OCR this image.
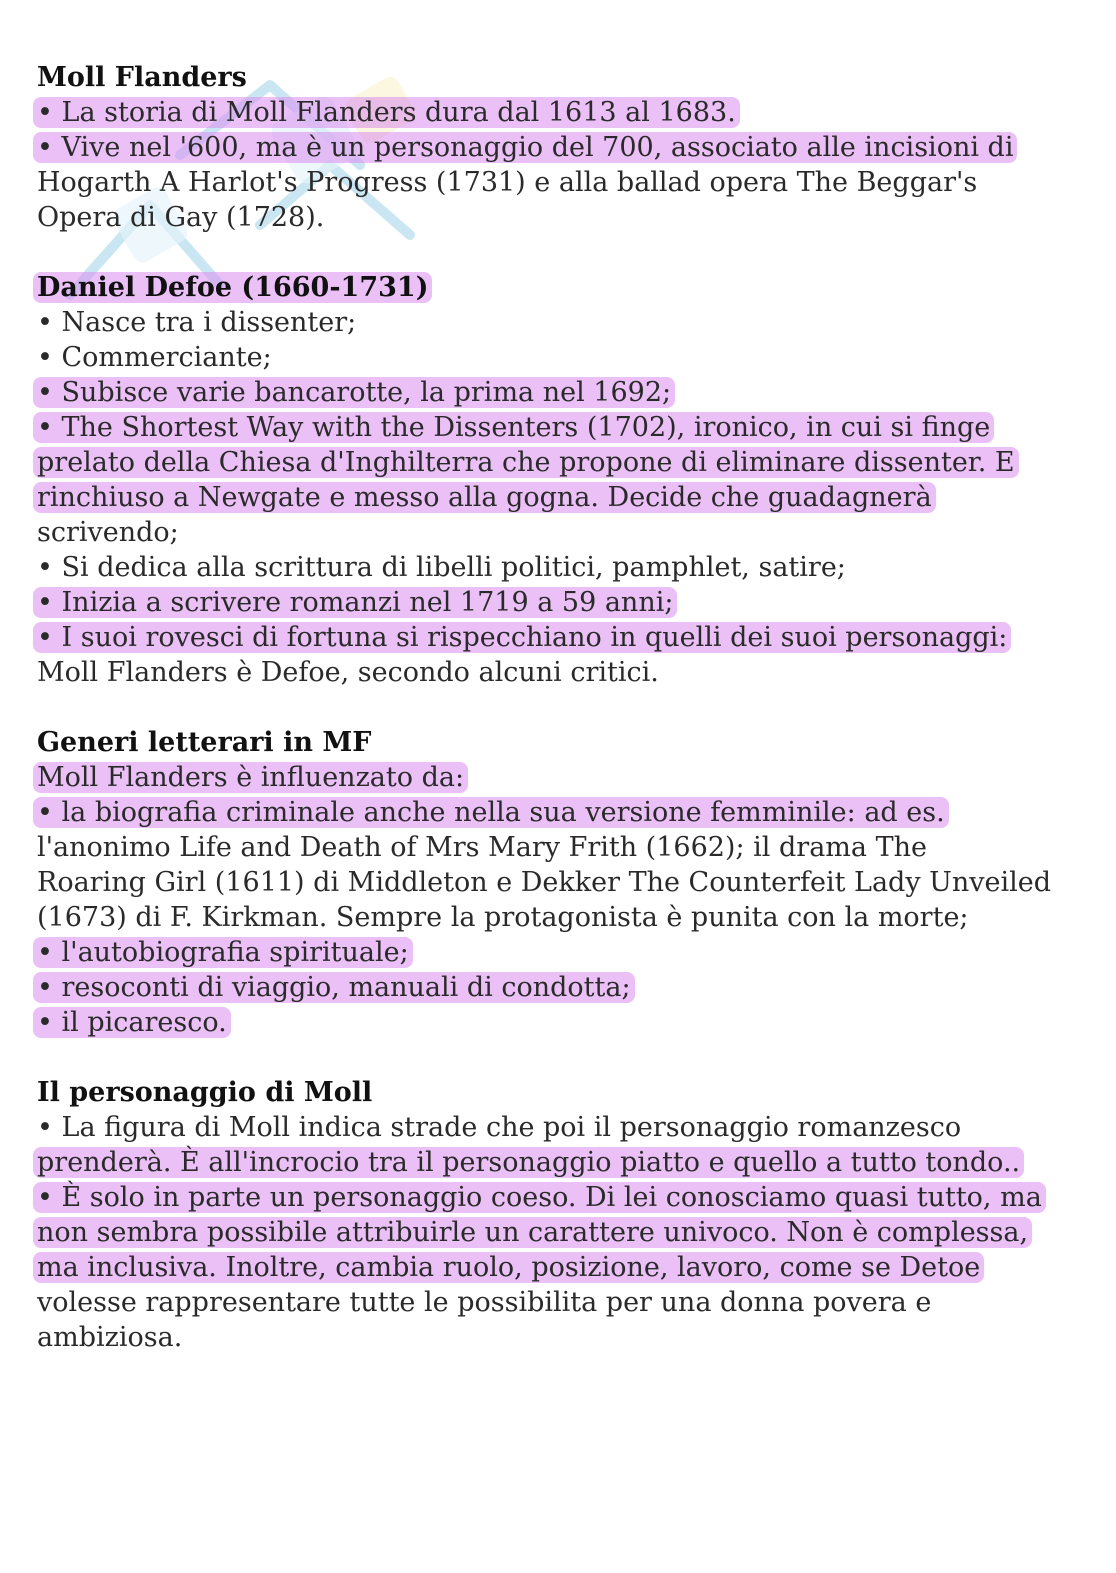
Moll Flanders
• La storia di Moll Flanders dura dal 1613 al 1683.
• Vive nel '600, ma è un personaggio del 700, associato alle incisioni di
Hogarth A Harlot's Progress (1731) e alla ballad opera The Beggar's
Opera di Gay (1728).
Daniel Defoe (1660-1731)
• Nasce tra i dissenter;
• Commerciante;
• Subisce varie bancarotte, la prima nel 1692;
• The Shortest Way with the Dissenters (1702), ironico, in cui si finge
prelato della Chiesa d'Inghilterra che propone di eliminare dissenter. E
rinchiuso a Newgate e messo alla gogna. Decide che guadagnerà
scrivendo;
• Si dedica alla scrittura di libelli politici, pamphlet, satire;
• Inizia a scrivere romanzi nel 1719 a 59 anni;
• I suoi rovesci di fortuna si rispecchiano in quelli dei suoi personaggi:
Moll Flanders è Defoe, secondo alcuni critici.
Generi letterari in MF
Moll Flanders è influenzato da:
• la biografia criminale anche nella sua versione femminile: ad es.
l'anonimo Life and Death of Mrs Mary Frith (1662); il drama The
Roaring Girl (1611) di Middleton e Dekker The Counterfeit Lady Unveiled
(1673) di F. Kirkman. Sempre la protagonista è punita con la morte;
• l'autobiografia spirituale;
• resoconti di viaggio, manuali di condotta;
• il picaresco.
Il personaggio di Moll
• La figura di Moll indica strade che poi il personaggio romanzesco
prenderà. È all'incrocio tra il personaggio piatto e quello a tutto tondo..
• È solo in parte un personaggio coeso. Di lei conosciamo quasi tutto, ma
non sembra possibile attribuirle un carattere univoco. Non è complessa,
ma inclusiva. Inoltre, cambia ruolo, posizione, lavoro, come se Detoe
volesse rappresentare tutte le possibilita per una donna povera e
ambiziosa.
